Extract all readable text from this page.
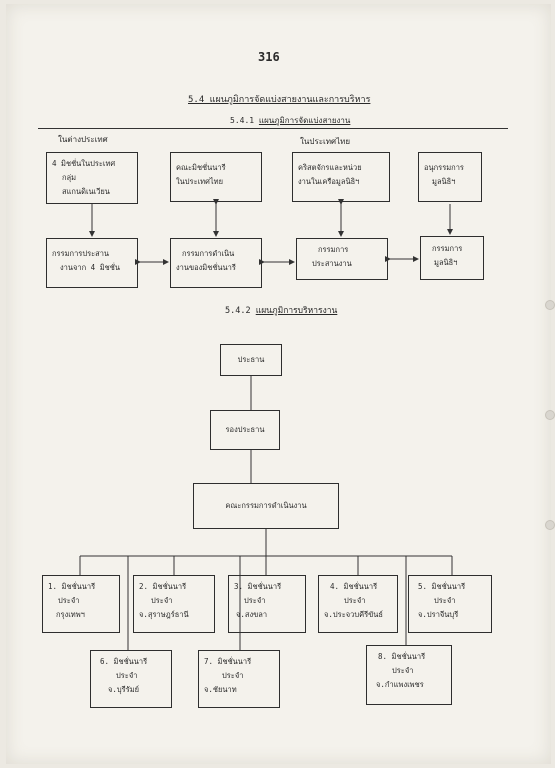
316
5.4 แผนภูมิการจัดแบ่งสายงานและการบริหาร
5.4.1 แผนภูมิการจัดแบ่งสายงาน
ในต่างประเทศ	ในประเทศไทย
4 มิชชั่นในประเทศ
กลุ่ม
สแกนดิเนเวียน
คณะมิชชั่นนารี
ในประเทศไทย
คริสตจักรและหน่วย
งานในเครือมูลนิธิฯ
อนุกรรมการ
มูลนิธิฯ
กรรมการประสาน
งานจาก 4 มิชชั่น
กรรมการดำเนิน
งานของมิชชั่นนารี
กรรมการ
ประสานงาน
กรรมการ
มูลนิธิฯ
5.4.2 แผนภูมิการบริหารงาน
ประธาน
รองประธาน
คณะกรรมการดำเนินงาน
1. มิชชั่นนารี
ประจำ
กรุงเทพฯ
2. มิชชั่นนารี
ประจำ
จ.สุราษฎร์ธานี
3. มิชชั่นนารี
ประจำ
จ.สงขลา
4. มิชชั่นนารี
ประจำ
จ.ประจวบคีรีขันธ์
5. มิชชั่นนารี
ประจำ
จ.ปราจีนบุรี
6. มิชชั่นนารี
ประจำ
จ.บุรีรัมย์
7. มิชชั่นนารี
ประจำ
จ.ชัยนาท
8. มิชชั่นนารี
ประจำ
จ.กำแพงเพชร
